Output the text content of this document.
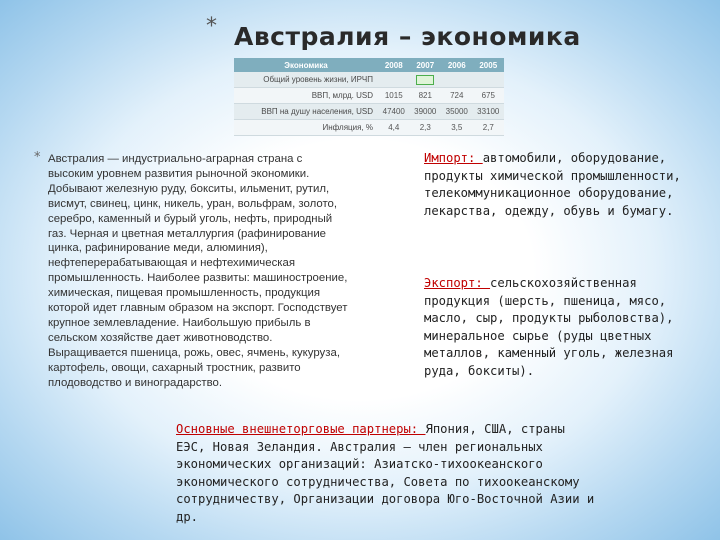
* Австралия – экономика
Экономика	2008	2007	2006	2005
Общий уровень жизни, ИРЧП				
ВВП, млрд. USD	1015	821	724	675
ВВП на душу населения, USD	47400	39000	35000	33100
Инфляция, %	4,4	2,3	3,5	2,7
* Австралия — индустриально-аграрная страна с высоким уровнем развития рыночной экономики. Добывают железную руду, бокситы, ильменит, рутил, висмут, свинец, цинк, никель, уран, вольфрам, золото, серебро, каменный и бурый уголь, нефть, природный газ. Черная и цветная металлургия (рафинирование цинка, рафинирование меди, алюминия), нефтеперерабатывающая и нефтехимическая промышленность. Наиболее развиты: машиностроение, химическая, пищевая промышленность, продукция которой идет главным образом на экспорт. Господствует крупное землевладение. Наибольшую прибыль в сельском хозяйстве дает животноводство. Выращивается пшеница, рожь, овес, ячмень, кукуруза, картофель, овощи, сахарный тростник, развито плодоводство и виноградарство.

Импорт: автомобили, оборудование, продукты химической промышленности, телекоммуникационное оборудование, лекарства, одежду, обувь и бумагу.

Экспорт: сельскохозяйственная продукция (шерсть, пшеница, мясо, масло, сыр, продукты рыболовства), минеральное сырье (руды цветных металлов, каменный уголь, железная руда, бокситы).

Основные внешнеторговые партнеры: Япония, США, страны ЕЭС, Новая Зеландия. Австралия — член региональных экономических организаций: Азиатско-тихоокеанского экономического сотрудничества, Совета по тихоокеанскому сотрудничеству, Организации договора Юго-Восточной Азии и др.
